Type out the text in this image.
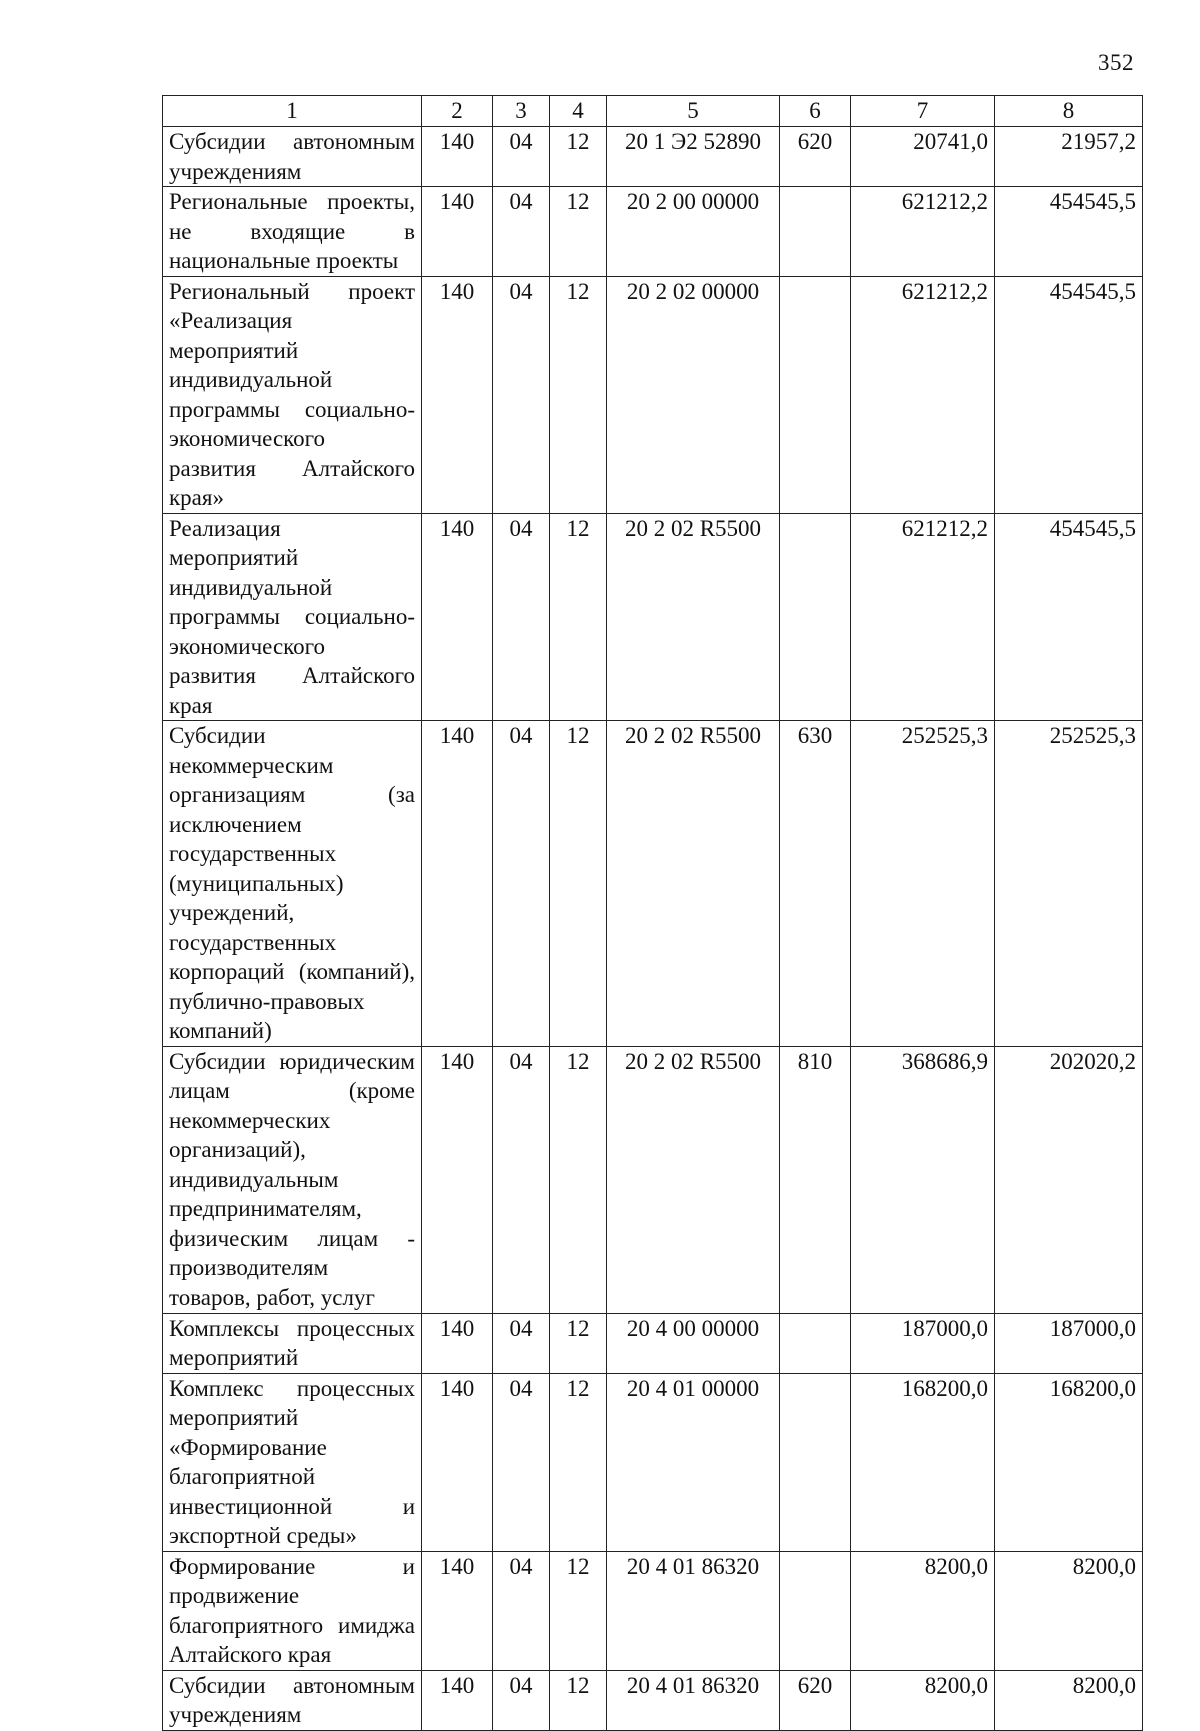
352
1	2	3	4	5	6	7	8
Субсидии автономным учреждениям	140	04	12	20 1 Э2 52890	620	20741,0	21957,2
Региональные проекты, не входящие в национальные проекты	140	04	12	20 2 00 00000		621212,2	454545,5
Региональный проект «Реализация мероприятий индивидуальной программы социально-экономического развития Алтайского края»	140	04	12	20 2 02 00000		621212,2	454545,5
Реализация мероприятий индивидуальной программы социально-экономического развития Алтайского края	140	04	12	20 2 02 R5500		621212,2	454545,5
Субсидии некоммерческим организациям (за исключением государственных (муниципальных) учреждений, государственных корпораций (компаний), публично-правовых компаний)	140	04	12	20 2 02 R5500	630	252525,3	252525,3
Субсидии юридическим лицам (кроме некоммерческих организаций), индивидуальным предпринимателям, физическим лицам - производителям товаров, работ, услуг	140	04	12	20 2 02 R5500	810	368686,9	202020,2
Комплексы процессных мероприятий	140	04	12	20 4 00 00000		187000,0	187000,0
Комплекс процессных мероприятий «Формирование благоприятной инвестиционной и экспортной среды»	140	04	12	20 4 01 00000		168200,0	168200,0
Формирование и продвижение благоприятного имиджа Алтайского края	140	04	12	20 4 01 86320		8200,0	8200,0
Субсидии автономным учреждениям	140	04	12	20 4 01 86320	620	8200,0	8200,0
